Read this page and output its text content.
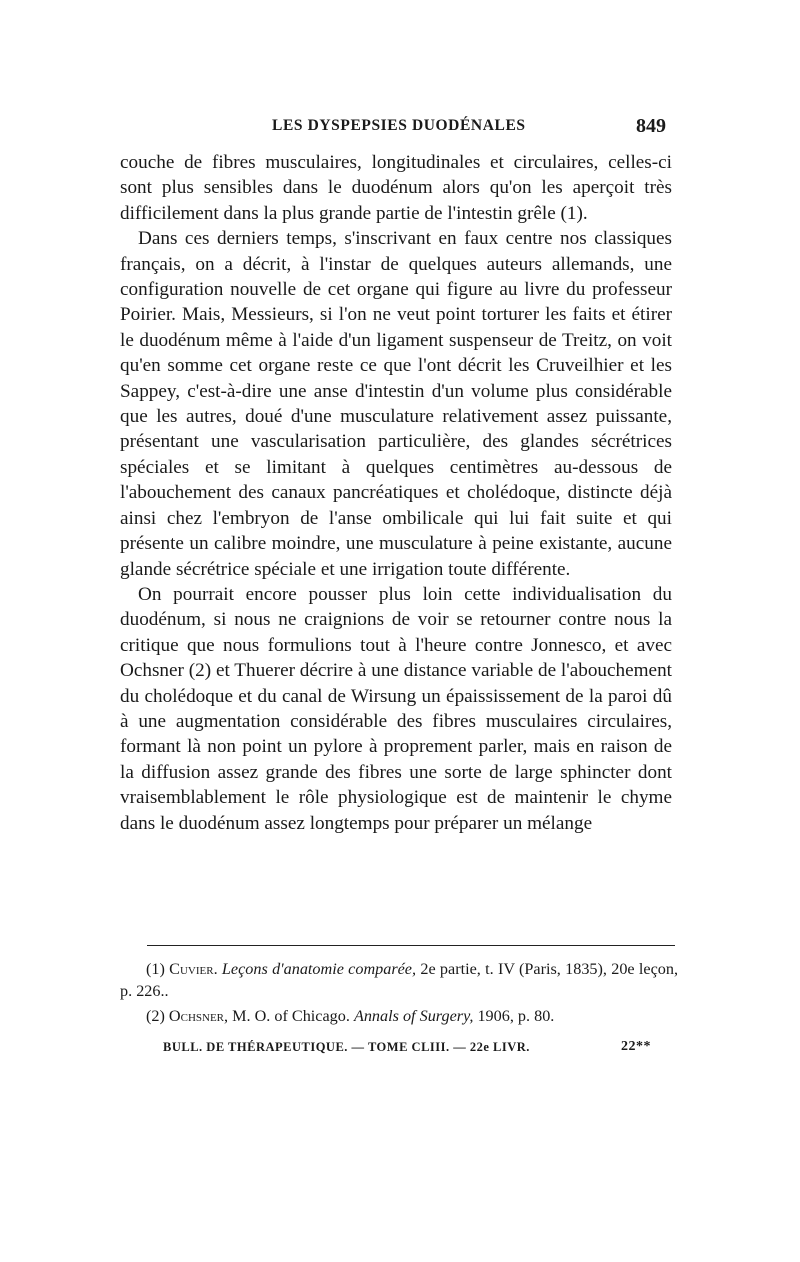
LES DYSPEPSIES DUODÉNALES	849

couche de fibres musculaires, longitudinales et circulaires, celles-ci sont plus sensibles dans le duodénum alors qu'on les aperçoit très difficilement dans la plus grande partie de l'intestin grêle (1).

Dans ces derniers temps, s'inscrivant en faux centre nos classiques français, on a décrit, à l'instar de quelques auteurs allemands, une configuration nouvelle de cet organe qui figure au livre du professeur Poirier. Mais, Messieurs, si l'on ne veut point torturer les faits et étirer le duodénum même à l'aide d'un ligament suspenseur de Treitz, on voit qu'en somme cet organe reste ce que l'ont décrit les Cruveilhier et les Sappey, c'est-à-dire une anse d'intestin d'un volume plus considérable que les autres, doué d'une musculature relativement assez puissante, présentant une vascularisation particulière, des glandes sécrétrices spéciales et se limitant à quelques centimètres au-dessous de l'abouchement des canaux pancréatiques et cholédoque, distincte déjà ainsi chez l'embryon de l'anse ombilicale qui lui fait suite et qui présente un calibre moindre, une musculature à peine existante, aucune glande sécrétrice spéciale et une irrigation toute différente.

On pourrait encore pousser plus loin cette individualisation du duodénum, si nous ne craignions de voir se retourner contre nous la critique que nous formulions tout à l'heure contre Jonnesco, et avec Ochsner (2) et Thuerer décrire à une distance variable de l'abouchement du cholédoque et du canal de Wirsung un épaississement de la paroi dû à une augmentation considérable des fibres musculaires circulaires, formant là non point un pylore à proprement parler, mais en raison de la diffusion assez grande des fibres une sorte de large sphincter dont vraisemblablement le rôle physiologique est de maintenir le chyme dans le duodénum assez longtemps pour préparer un mélange

(1) Cuvier. Leçons d'anatomie comparée, 2e partie, t. IV (Paris, 1835), 20e leçon, p. 226..

(2) Ochsner, M. O. of Chicago. Annals of Surgery, 1906, p. 80.

BULL. DE THÉRAPEUTIQUE. — TOME CLIII. — 22e LIVR.	22**
